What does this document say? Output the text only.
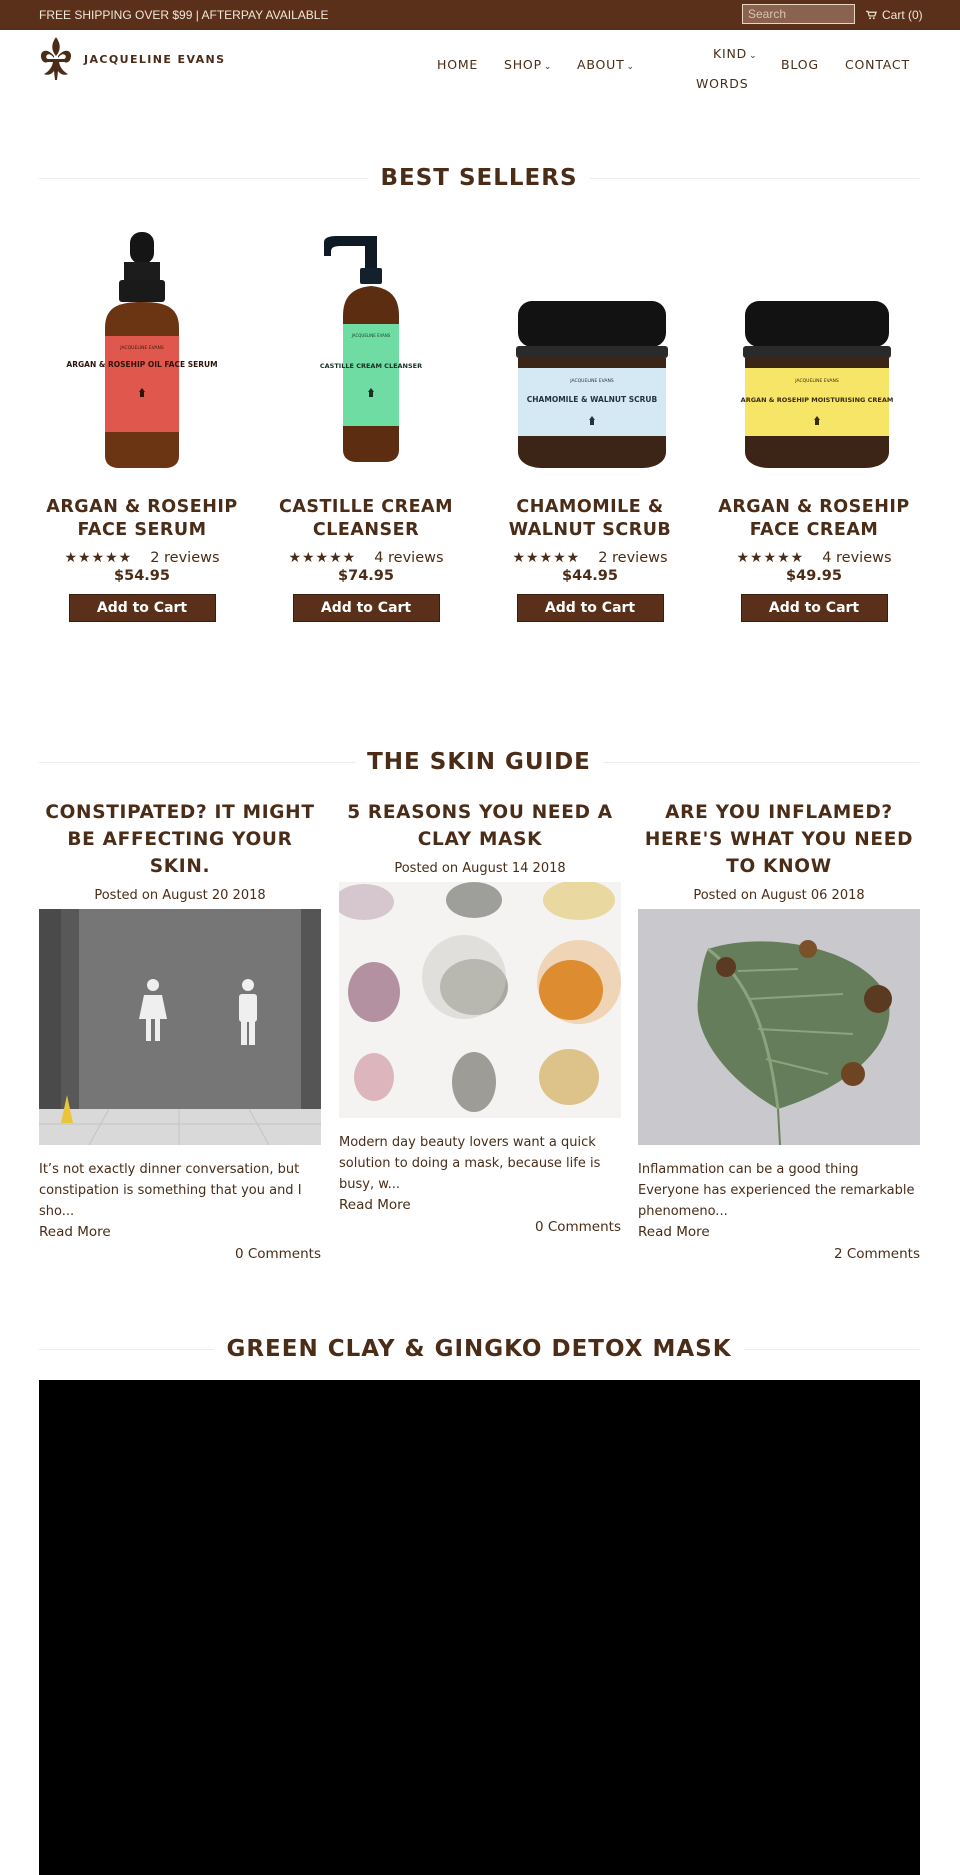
FREE SHIPPING OVER $99 | AFTERPAY AVAILABLE	Search	Cart (0)
JACQUELINE EVANS	HOME SHOP ⌄ ABOUT ⌄
KIND ⌄
WORDS
BLOG CONTACT
BEST SELLERS
JACQUELINE EVANS
ARGAN & ROSEHIP OIL FACE SERUM
ARGAN & ROSEHIP FACE SERUM
★★★★★ 2 reviews
$54.95
Add to Cart
JACQUELINE EVANS
CASTILLE CREAM CLEANSER
CASTILLE CREAM CLEANSER
★★★★★ 4 reviews
$74.95
Add to Cart
JACQUELINE EVANS
CHAMOMILE & WALNUT SCRUB
CHAMOMILE & WALNUT SCRUB
★★★★★ 2 reviews
$44.95
Add to Cart
JACQUELINE EVANS
ARGAN & ROSEHIP MOISTURISING CREAM
ARGAN & ROSEHIP FACE CREAM
★★★★★ 4 reviews
$49.95
Add to Cart
THE SKIN GUIDE
CONSTIPATED? IT MIGHT BE AFFECTING YOUR SKIN.
Posted on August 20 2018
It’s not exactly dinner conversation, but constipation is something that you and I sho...
Read More
0 Comments
5 REASONS YOU NEED A CLAY MASK
Posted on August 14 2018
Modern day beauty lovers want a quick solution to doing a mask, because life is busy, w...
Read More
0 Comments
ARE YOU INFLAMED? HERE'S WHAT YOU NEED TO KNOW
Posted on August 06 2018
Inflammation can be a good thing Everyone has experienced the remarkable phenomeno...
Read More
2 Comments
GREEN CLAY & GINGKO DETOX MASK
